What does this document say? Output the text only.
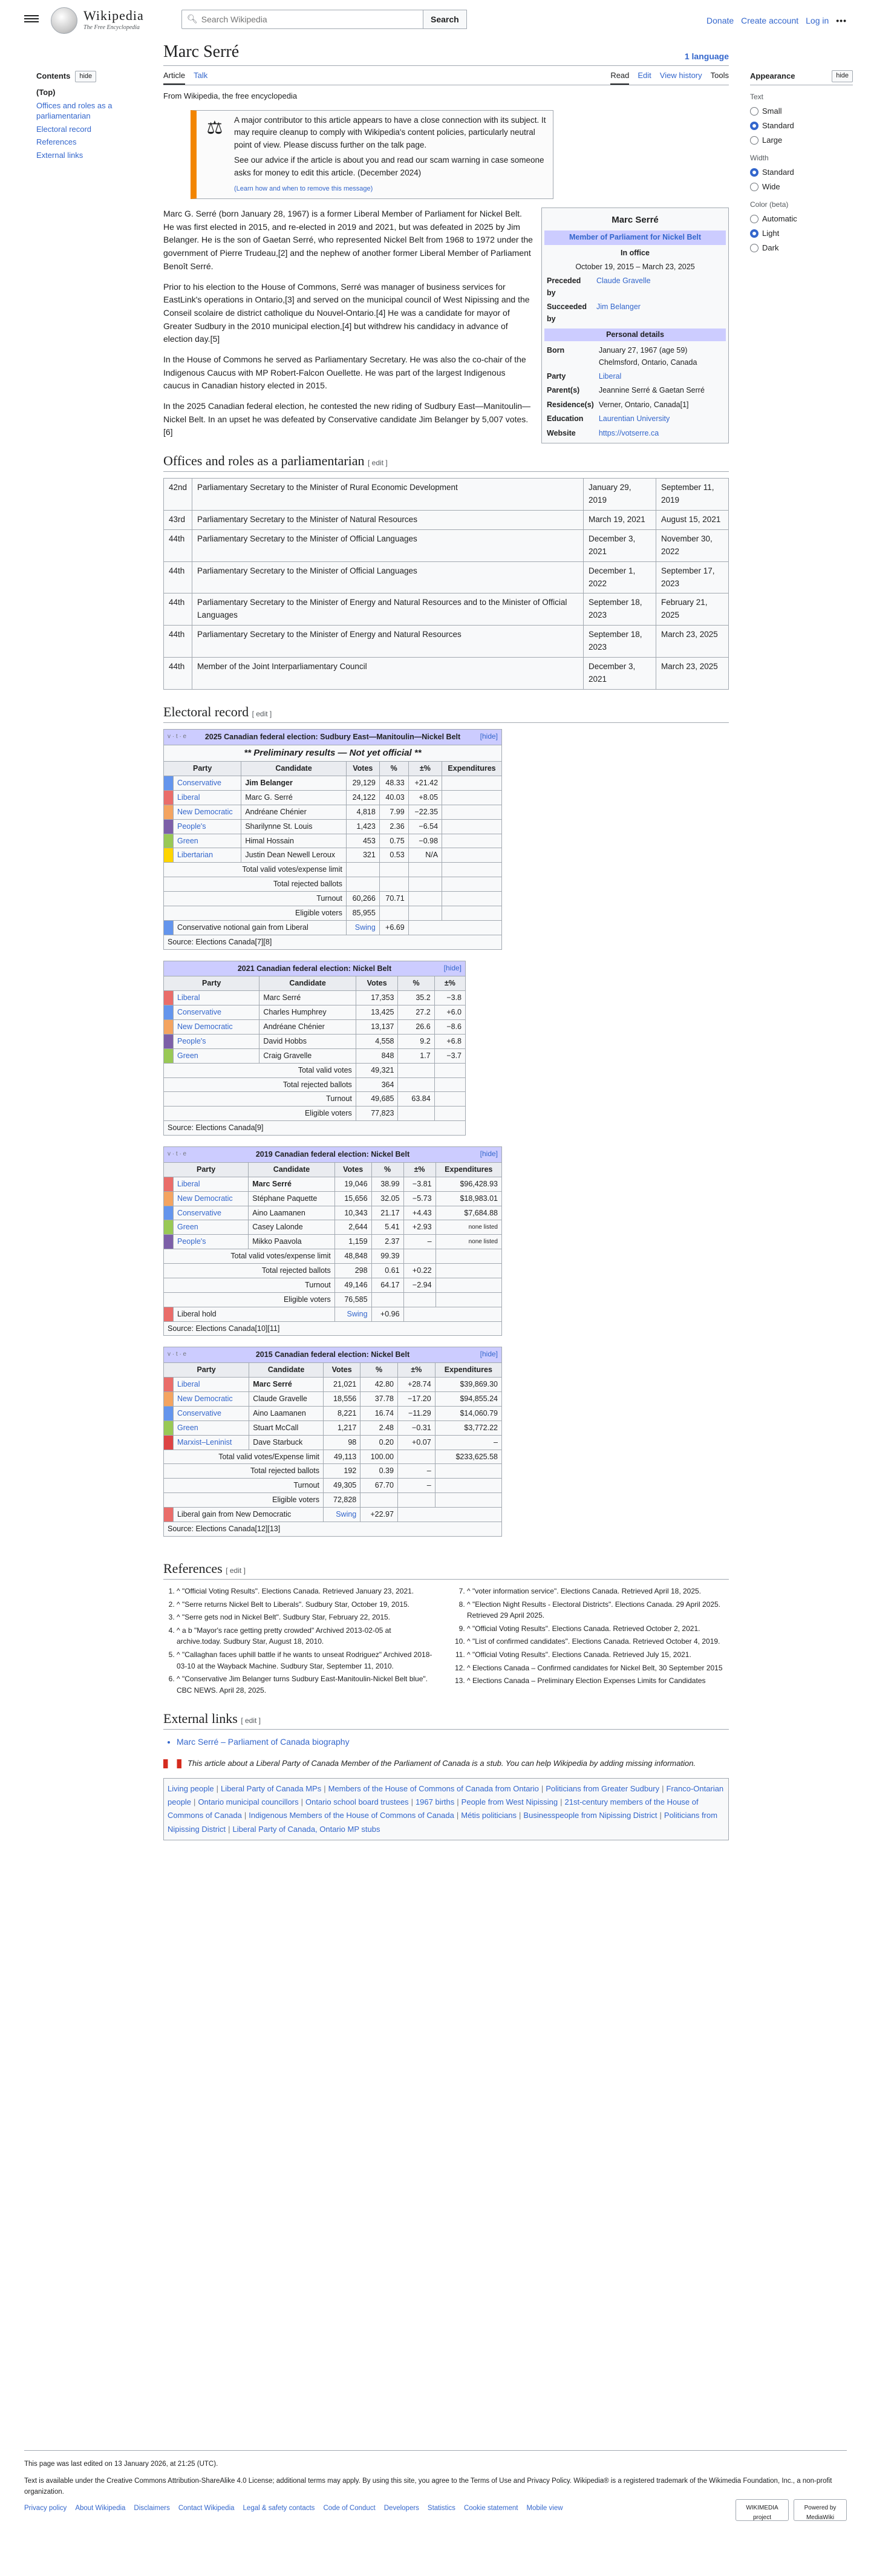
Wikipedia
The Free Encyclopedia
🔍︎
Search Wikipedia	Search	Donate Create account Log in •••
Contents	hide
(Top)
Offices and roles as a parliamentarian
Electoral record
References
External links
Appearance	hide
Text
Small
Standard
Large
Width
Standard
Wide
Color (beta)
Automatic
Light
Dark
Marc Serré	1 language
Article Talk	Read Edit View history Tools
From Wikipedia, the free encyclopedia
⚖	A major contributor to this article appears to have a close connection with its subject. It may require cleanup to comply with Wikipedia's content policies, particularly neutral point of view. Please discuss further on the talk page.

See our advice if the article is about you and read our scam warning in case someone asks for money to edit this article. (December 2024)

(Learn how and when to remove this message)
Marc Serré
Member of Parliament for Nickel Belt
In office
October 19, 2015 – March 23, 2025
Preceded by	Claude Gravelle
Succeeded by	Jim Belanger
Personal details
Born	January 27, 1967 (age 59) Chelmsford, Ontario, Canada
Party	Liberal
Parent(s)	Jeannine Serré & Gaetan Serré
Residence(s)	Verner, Ontario, Canada[1]
Education	Laurentian University
Website	https://votserre.ca

Marc G. Serré (born January 28, 1967) is a former Liberal Member of Parliament for Nickel Belt. He was first elected in 2015, and re-elected in 2019 and 2021, but was defeated in 2025 by Jim Belanger. He is the son of Gaetan Serré, who represented Nickel Belt from 1968 to 1972 under the government of Pierre Trudeau,[2] and the nephew of another former Liberal Member of Parliament Benoît Serré.

Prior to his election to the House of Commons, Serré was manager of business services for EastLink's operations in Ontario,[3] and served on the municipal council of West Nipissing and the Conseil scolaire de district catholique du Nouvel-Ontario.[4] He was a candidate for mayor of Greater Sudbury in the 2010 municipal election,[4] but withdrew his candidacy in advance of election day.[5]

In the House of Commons he served as Parliamentary Secretary. He was also the co-chair of the Indigenous Caucus with MP Robert-Falcon Ouellette. He was part of the largest Indigenous caucus in Canadian history elected in 2015.

In the 2025 Canadian federal election, he contested the new riding of Sudbury East—Manitoulin—Nickel Belt. In an upset he was defeated by Conservative candidate Jim Belanger by 5,007 votes.[6]

Offices and roles as a parliamentarian [ edit ]
42nd	Parliamentary Secretary to the Minister of Rural Economic Development	January 29, 2019	September 11, 2019
43rd	Parliamentary Secretary to the Minister of Natural Resources	March 19, 2021	August 15, 2021
44th	Parliamentary Secretary to the Minister of Official Languages	December 3, 2021	November 30, 2022
44th	Parliamentary Secretary to the Minister of Official Languages	December 1, 2022	September 17, 2023
44th	Parliamentary Secretary to the Minister of Energy and Natural Resources and to the Minister of Official Languages	September 18, 2023	February 21, 2025
44th	Parliamentary Secretary to the Minister of Energy and Natural Resources	September 18, 2023	March 23, 2025
44th	Member of the Joint Interparliamentary Council	December 3, 2021	March 23, 2025
Electoral record [ edit ]
v · t · e 2025 Canadian federal election: Sudbury East—Manitoulin—Nickel Belt [hide]						

** Preliminary results — Not yet official **						
Party		Candidate	Votes	%	±%	Expenditures
	Conservative	Jim Belanger	29,129	48.33	+21.42	
	Liberal	Marc G. Serré	24,122	40.03	+8.05	
	New Democratic	Andréane Chénier	4,818	7.99	−22.35	
	People's	Sharilynne St. Louis	1,423	2.36	−6.54	
	Green	Himal Hossain	453	0.75	−0.98	
	Libertarian	Justin Dean Newell Leroux	321	0.53	N/A	
Total valid votes/expense limit						
Total rejected ballots						
Turnout			60,266	70.71		
Eligible voters			85,955			
	Conservative notional gain from Liberal		Swing	+6.69		
Source: Elections Canada[7][8]						
2021 Canadian federal election: Nickel Belt [hide]					

Party		Candidate	Votes	%	±%
	Liberal	Marc Serré	17,353	35.2	−3.8
	Conservative	Charles Humphrey	13,425	27.2	+6.0
	New Democratic	Andréane Chénier	13,137	26.6	−8.6
	People's	David Hobbs	4,558	9.2	+6.8
	Green	Craig Gravelle	848	1.7	−3.7
Total valid votes			49,321		
Total rejected ballots			364		
Turnout			49,685	63.84	
Eligible voters			77,823		
Source: Elections Canada[9]					
v · t · e 2019 Canadian federal election: Nickel Belt [hide]						

Party		Candidate	Votes	%	±%	Expenditures
	Liberal	Marc Serré	19,046	38.99	−3.81	$96,428.93
	New Democratic	Stéphane Paquette	15,656	32.05	−5.73	$18,983.01
	Conservative	Aino Laamanen	10,343	21.17	+4.43	$7,684.88
	Green	Casey Lalonde	2,644	5.41	+2.93	none listed
	People's	Mikko Paavola	1,159	2.37	–	none listed
Total valid votes/expense limit			48,848	99.39		
Total rejected ballots			298	0.61	+0.22	
Turnout			49,146	64.17	−2.94	
Eligible voters			76,585			
	Liberal hold		Swing	+0.96		
Source: Elections Canada[10][11]						
v · t · e 2015 Canadian federal election: Nickel Belt [hide]						

Party		Candidate	Votes	%	±%	Expenditures
	Liberal	Marc Serré	21,021	42.80	+28.74	$39,869.30
	New Democratic	Claude Gravelle	18,556	37.78	−17.20	$94,855.24
	Conservative	Aino Laamanen	8,221	16.74	−11.29	$14,060.79
	Green	Stuart McCall	1,217	2.48	−0.31	$3,772.22
	Marxist–Leninist	Dave Starbuck	98	0.20	+0.07	–
Total valid votes/Expense limit			49,113	100.00		$233,625.58
Total rejected ballots			192	0.39	–	
Turnout			49,305	67.70	–	
Eligible voters			72,828			
	Liberal gain from New Democratic		Swing	+22.97		
Source: Elections Canada[12][13]						
References [ edit ]
1. ^ "Official Voting Results". Elections Canada. Retrieved January 23, 2021.
2. ^ "Serre returns Nickel Belt to Liberals". Sudbury Star, October 19, 2015.
3. ^ "Serre gets nod in Nickel Belt". Sudbury Star, February 22, 2015.
4. ^ a b "Mayor's race getting pretty crowded" Archived 2013-02-05 at archive.today. Sudbury Star, August 18, 2010.
5. ^ "Callaghan faces uphill battle if he wants to unseat Rodriguez" Archived 2018-03-10 at the Wayback Machine. Sudbury Star, September 11, 2010.
6. ^ "Conservative Jim Belanger turns Sudbury East-Manitoulin-Nickel Belt blue". CBC NEWS. April 28, 2025.
7. ^ "voter information service". Elections Canada. Retrieved April 18, 2025.
8. ^ "Election Night Results - Electoral Districts". Elections Canada. 29 April 2025. Retrieved 29 April 2025.
9. ^ "Official Voting Results". Elections Canada. Retrieved October 2, 2021.
10. ^ "List of confirmed candidates". Elections Canada. Retrieved October 4, 2019.
11. ^ "Official Voting Results". Elections Canada. Retrieved July 15, 2021.
12. ^ Elections Canada – Confirmed candidates for Nickel Belt, 30 September 2015
13. ^ Elections Canada – Preliminary Election Expenses Limits for Candidates
External links [ edit ]
• Marc Serré – Parliament of Canada biography
This article about a Liberal Party of Canada Member of the Parliament of Canada is a stub. You can help Wikipedia by adding missing information.
Living people | Liberal Party of Canada MPs | Members of the House of Commons of Canada from Ontario | Politicians from Greater Sudbury | Franco-Ontarian people | Ontario municipal councillors | Ontario school board trustees | 1967 births | People from West Nipissing | 21st-century members of the House of Commons of Canada | Indigenous Members of the House of Commons of Canada | Métis politicians | Businesspeople from Nipissing District | Politicians from Nipissing District | Liberal Party of Canada, Ontario MP stubs

This page was last edited on 13 January 2026, at 21:25 (UTC).

Text is available under the Creative Commons Attribution-ShareAlike 4.0 License; additional terms may apply. By using this site, you agree to the Terms of Use and Privacy Policy. Wikipedia® is a registered trademark of the Wikimedia Foundation, Inc., a non-profit organization.

Privacy policy About Wikipedia Disclaimers Contact Wikipedia Legal & safety contacts Code of Conduct Developers Statistics Cookie statement Mobile view	WIKIMEDIA project
Powered by MediaWiki
